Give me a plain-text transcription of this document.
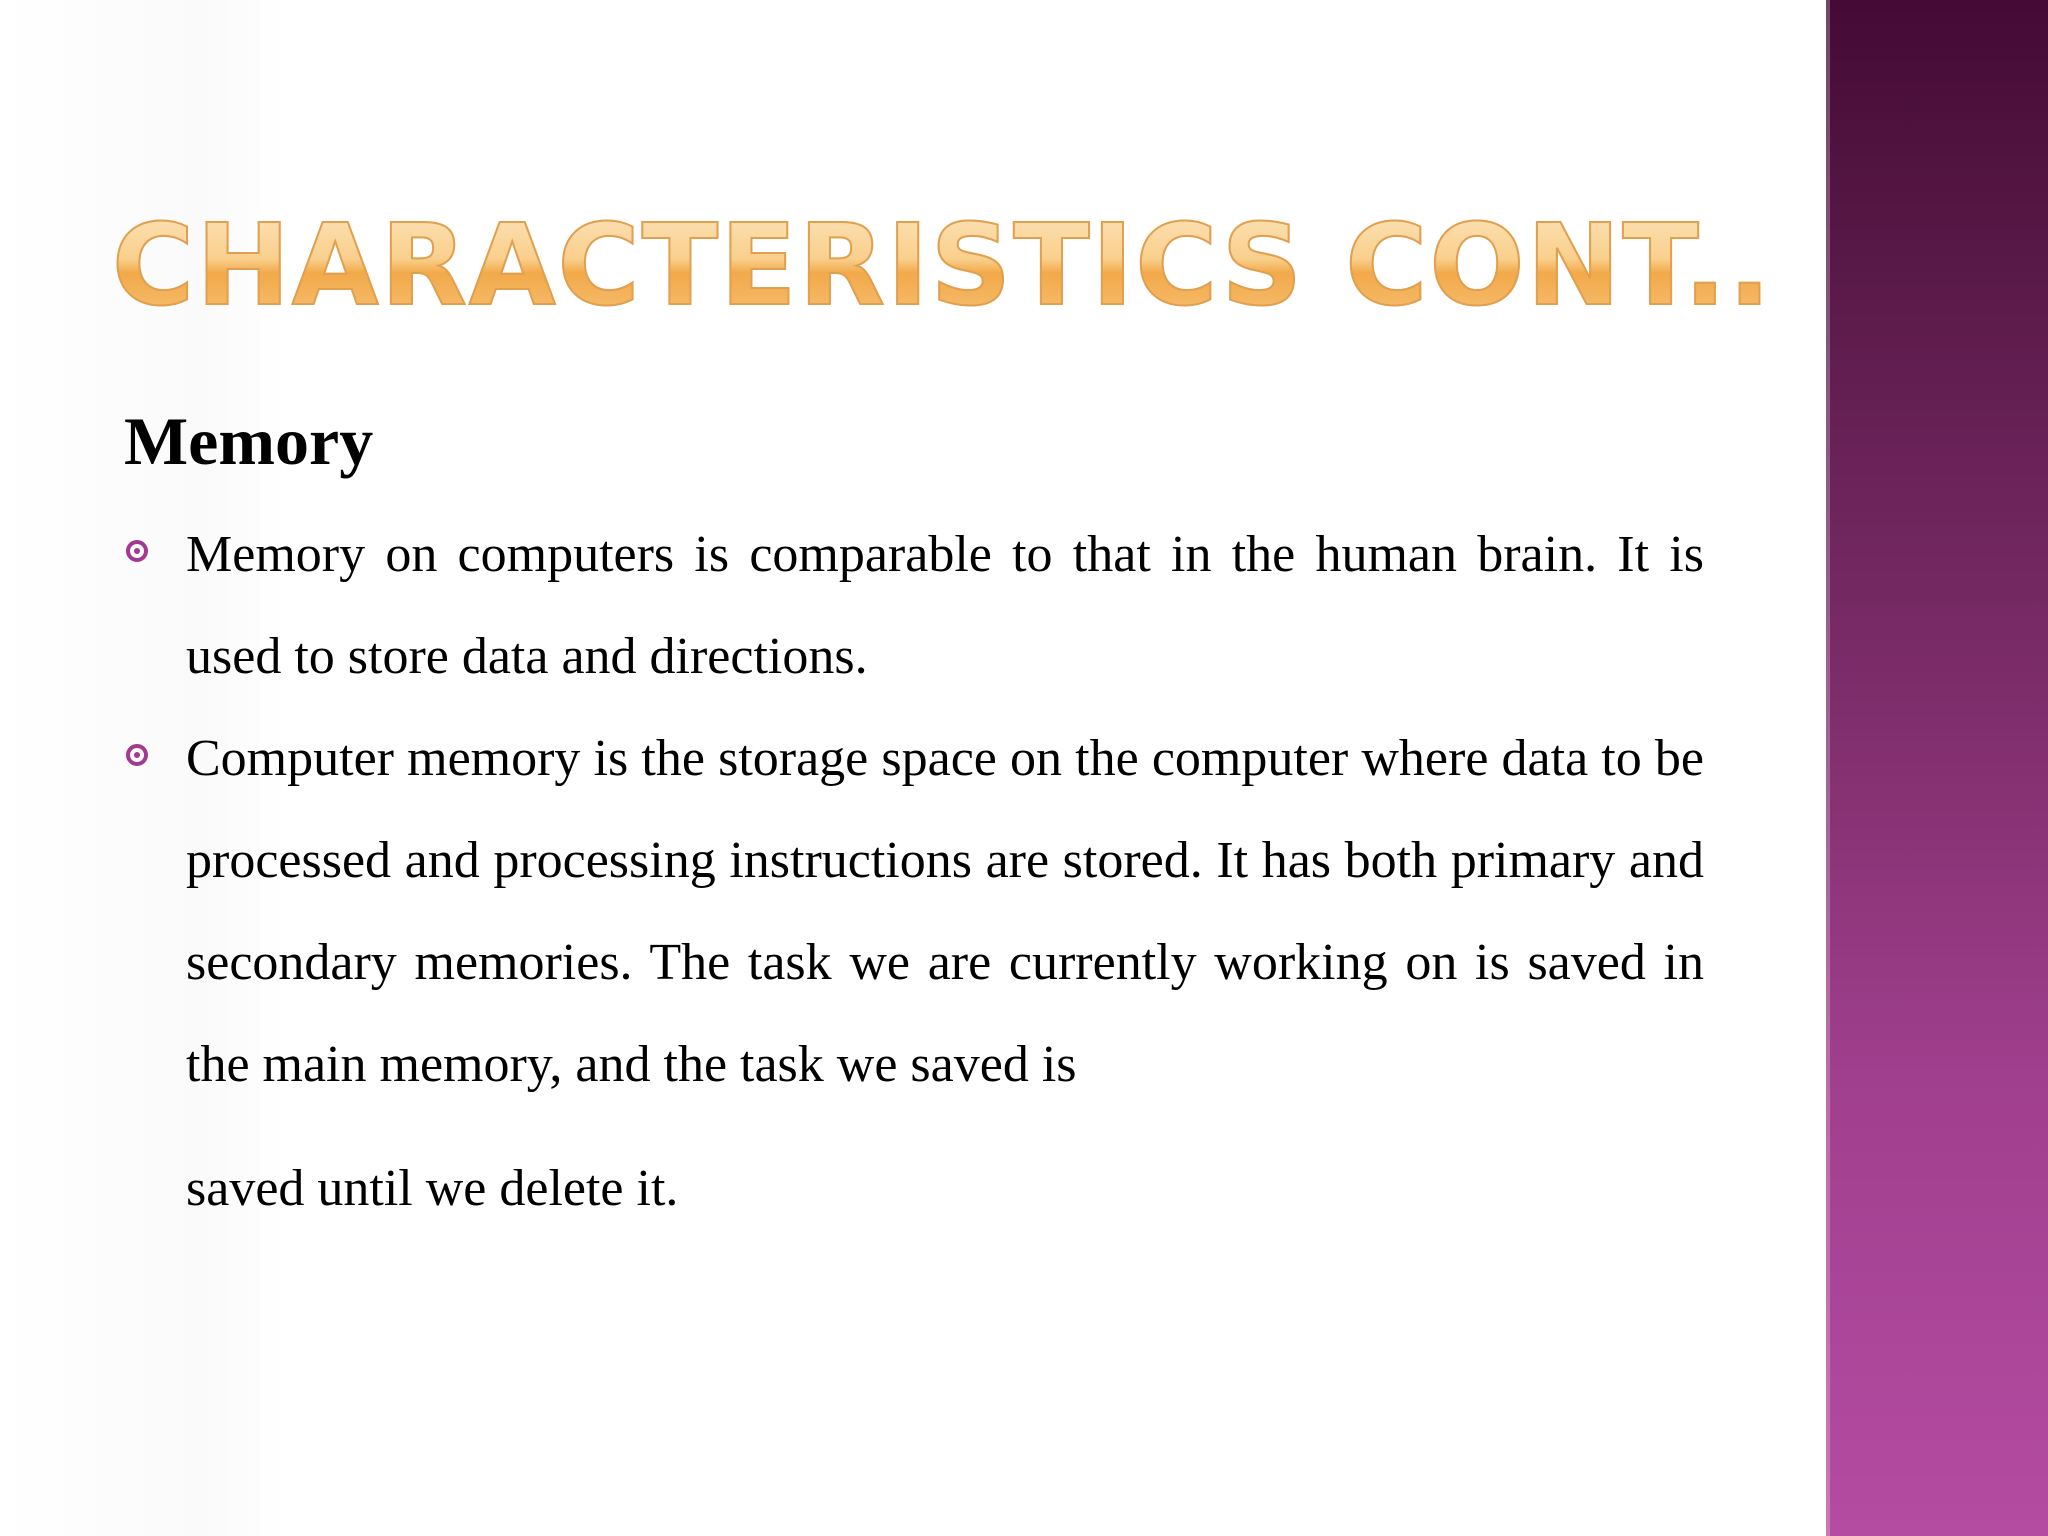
CHARACTERISTICS CONT..
Memory

Memory on computers is comparable to that in the human brain. It is used to store data and directions.

Computer memory is the storage space on the computer where data to be processed and processing instructions are stored. It has both primary and secondary memories. The task we are currently working on is saved in the main memory, and the task we saved is
saved until we delete it.
